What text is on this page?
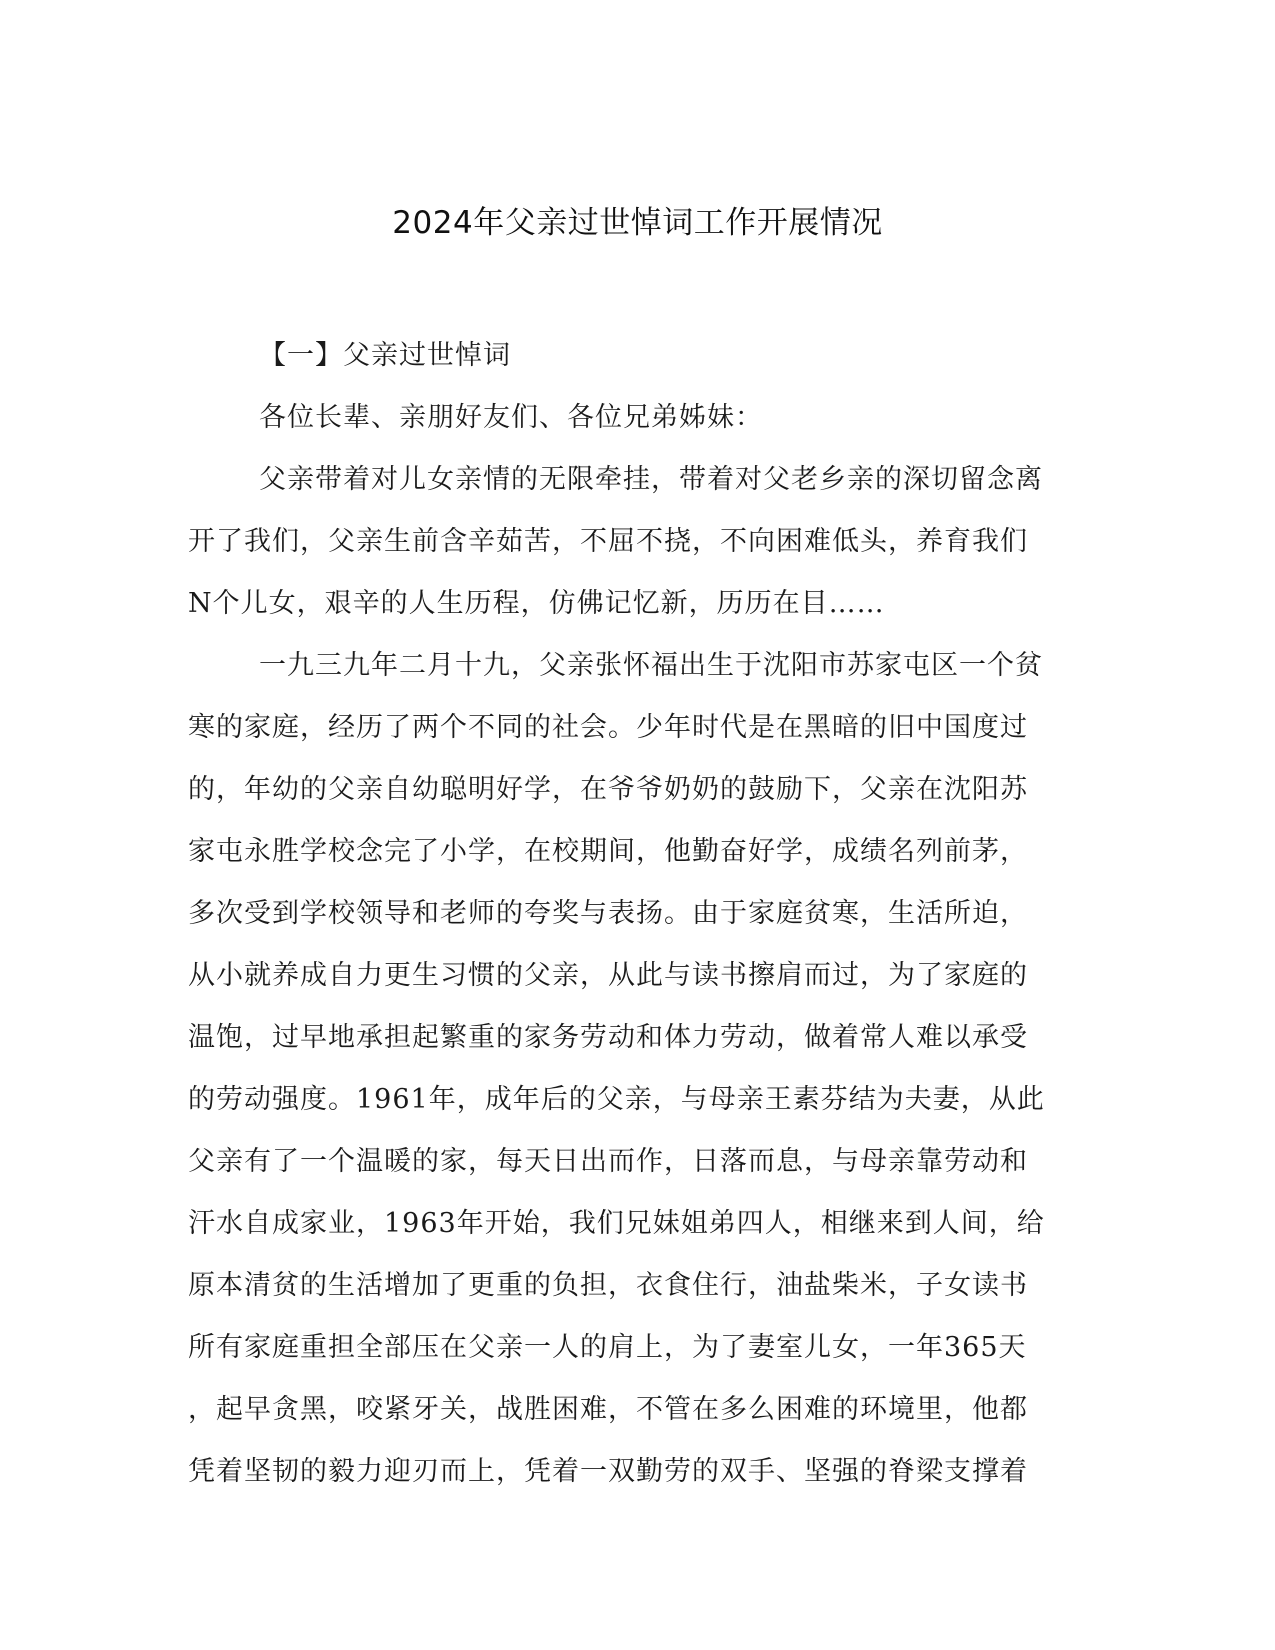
2024年父亲过世悼词工作开展情况
【一】父亲过世悼词
各位长辈、亲朋好友们、各位兄弟姊妹：
父亲带着对儿女亲情的无限牵挂，带着对父老乡亲的深切留念离
开了我们，父亲生前含辛茹苦，不屈不挠，不向困难低头，养育我们
N个儿女，艰辛的人生历程，仿佛记忆新，历历在目……
一九三九年二月十九，父亲张怀福出生于沈阳市苏家屯区一个贫
寒的家庭，经历了两个不同的社会。少年时代是在黑暗的旧中国度过
的，年幼的父亲自幼聪明好学，在爷爷奶奶的鼓励下，父亲在沈阳苏
家屯永胜学校念完了小学，在校期间，他勤奋好学，成绩名列前茅，
多次受到学校领导和老师的夸奖与表扬。由于家庭贫寒，生活所迫，
从小就养成自力更生习惯的父亲，从此与读书擦肩而过，为了家庭的
温饱，过早地承担起繁重的家务劳动和体力劳动，做着常人难以承受
的劳动强度。1961年，成年后的父亲，与母亲王素芬结为夫妻，从此
父亲有了一个温暖的家，每天日出而作，日落而息，与母亲靠劳动和
汗水自成家业，1963年开始，我们兄妹姐弟四人，相继来到人间，给
原本清贫的生活增加了更重的负担，衣食住行，油盐柴米，子女读书
所有家庭重担全部压在父亲一人的肩上，为了妻室儿女，一年365天
，起早贪黑，咬紧牙关，战胜困难，不管在多么困难的环境里，他都
凭着坚韧的毅力迎刃而上，凭着一双勤劳的双手、坚强的脊梁支撑着
